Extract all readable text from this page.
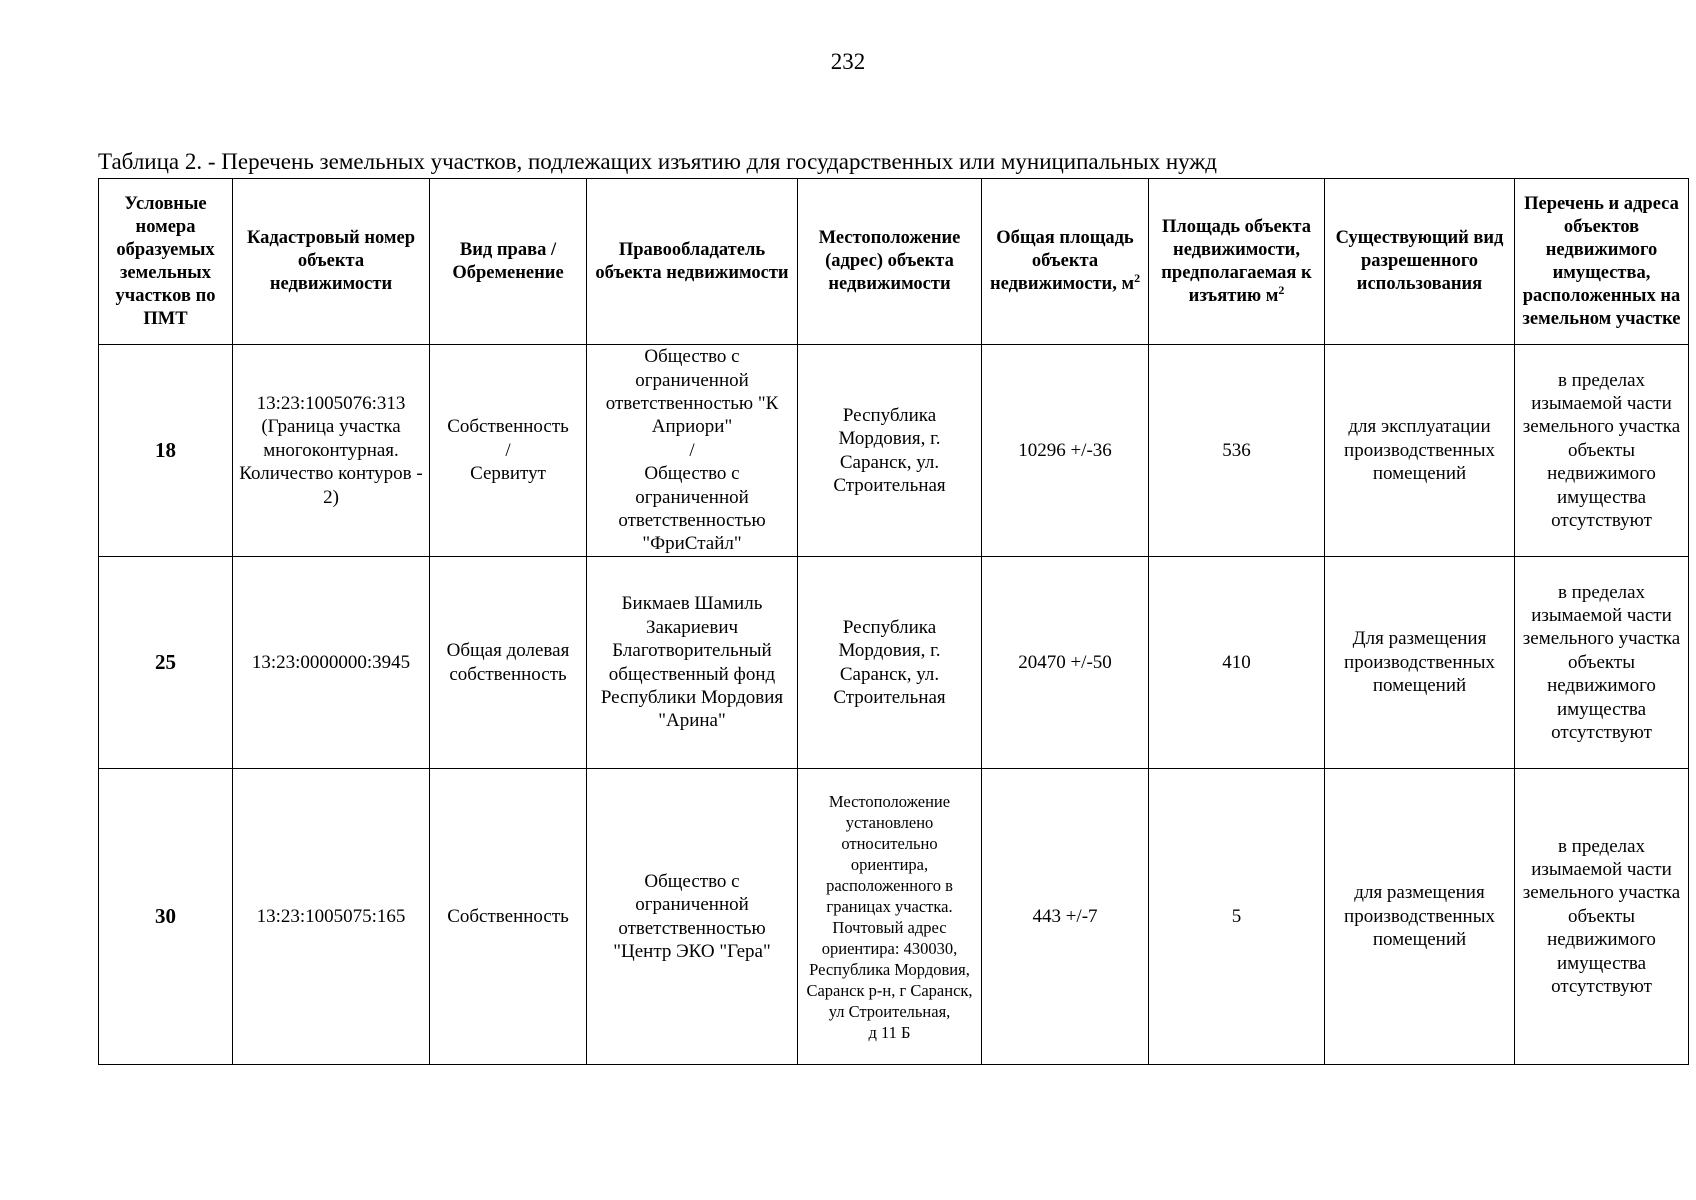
232
Таблица 2. - Перечень земельных участков, подлежащих изъятию для государственных или муниципальных нужд
Условные номера образуемых земельных участков по ПМТ	Кадастровый номер объекта недвижимости	Вид права / Обременение	Правообладатель объекта недвижимости	Местоположение (адрес) объекта недвижимости	Общая площадь объекта недвижимости, $м^2$	Площадь объекта недвижимости, предполагаемая к изъятию $м^2$	Существующий вид разрешенного использования	Перечень и адреса объектов недвижимого имущества, расположенных на земельном участке
18	13:23:1005076:313
(Граница участка многоконтурная. Количество контуров - 2)	Собственность
/
Сервитут	Общество с ограниченной ответственностью "К Априори"
/
Общество с ограниченной ответственностью "ФриСтайл"	Республика Мордовия, г. Саранск, ул. Строительная	10296 +/-36	536	для эксплуатации производственных помещений	в пределах изымаемой части земельного участка объекты недвижимого имущества отсутствуют
25	13:23:0000000:3945	Общая долевая собственность	Бикмаев Шамиль Закариевич
Благотворительный общественный фонд Республики Мордовия "Арина"	Республика Мордовия, г. Саранск, ул. Строительная	20470 +/-50	410	Для размещения производственных помещений	в пределах изымаемой части земельного участка объекты недвижимого имущества отсутствуют
30	13:23:1005075:165	Собственность	Общество с ограниченной ответственностью "Центр ЭКО "Гера"	Местоположение установлено относительно ориентира, расположенного в границах участка. Почтовый адрес ориентира: 430030, Республика Мордовия, Саранск р-н, г Саранск, ул Строительная,
д 11 Б	443 +/-7	5	для размещения производственных помещений	в пределах изымаемой части земельного участка объекты недвижимого имущества отсутствуют
